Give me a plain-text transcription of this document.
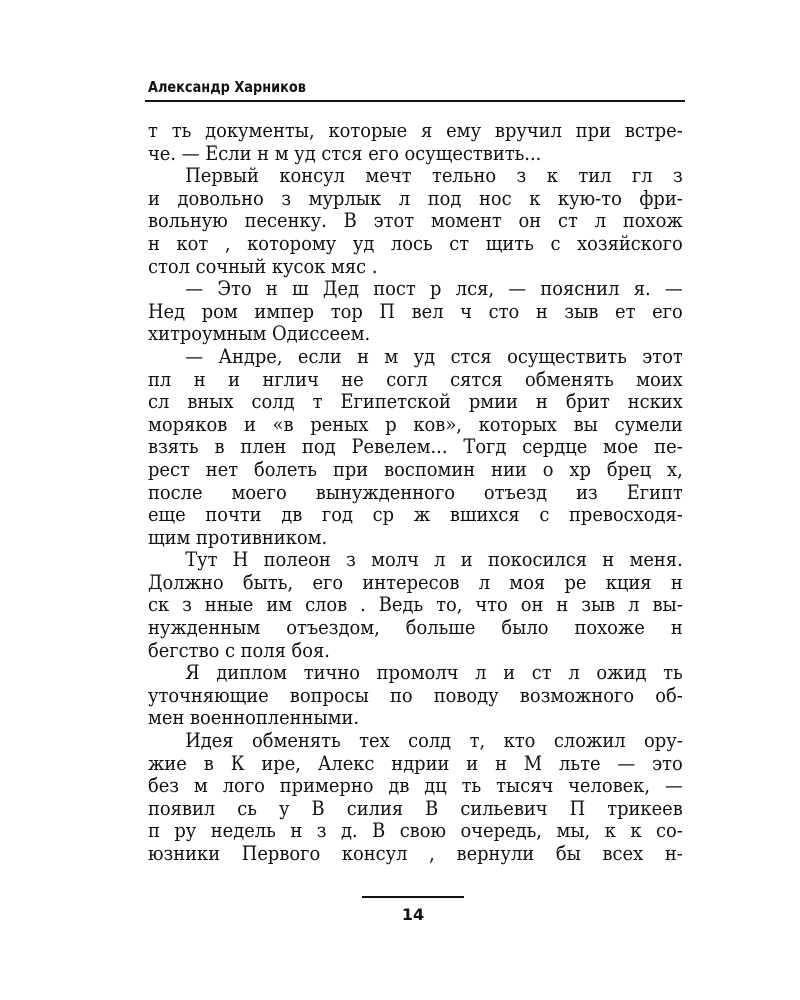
Александр Харников
т ть документы, которые я ему вручил при встре-
че. — Если н м уд стся его осуществить...
Первый консул мечт тельно з к тил гл з
и довольно з мурлык л под нос к кую-то фри-
вольную песенку. В этот момент он ст л похож
н кот , которому уд лось ст щить с хозяйского
стол сочный кусок мяс .
— Это н ш Дед пост р лся, — пояснил я. —
Нед ром импер тор П вел ч сто н зыв ет его
хитроумным Одиссеем.
— Андре, если н м уд стся осуществить этот
пл н и нглич не согл сятся обменять моих
сл вных солд т Египетской рмии н брит нских
моряков и «в реных р ков», которых вы сумели
взять в плен под Ревелем... Тогд сердце мое пе-
рест нет болеть при воспомин нии о хр брец х,
после моего вынужденного отъезд из Египт
еще почти дв год ср ж вшихся с превосходя-
щим противником.
Тут Н полеон з молч л и покосился н меня.
Должно быть, его интересов л моя ре кция н
ск з нные им слов . Ведь то, что он н зыв л вы-
нужденным отъездом, больше было похоже н
бегство с поля боя.
Я диплом тично промолч л и ст л ожид ть
уточняющие вопросы по поводу возможного об-
мен военнопленными.
Идея обменять тех солд т, кто сложил ору-
жие в К ире, Алекс ндрии и н М льте — это
без м лого примерно дв дц ть тысяч человек, —
появил сь у В силия В сильевич П трикеев
п ру недель н з д. В свою очередь, мы, к к со-
юзники Первого консул , вернули бы всех н-
14
